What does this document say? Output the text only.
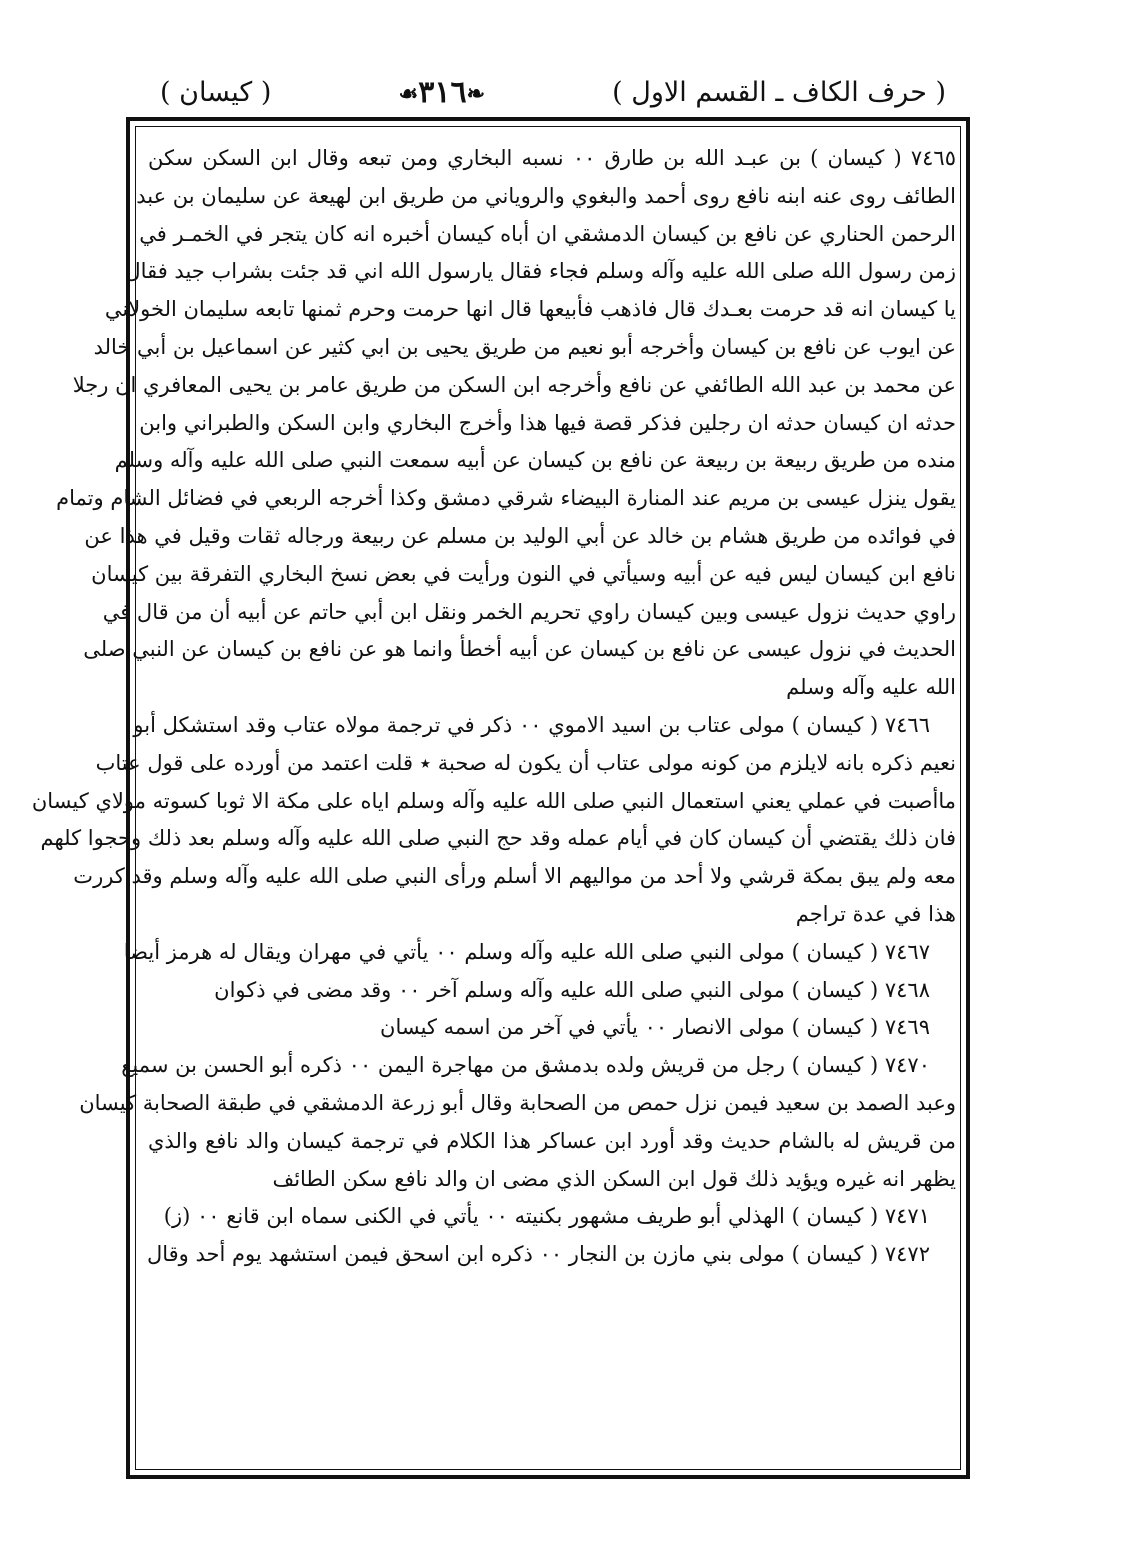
( حرف الكاف ـ القسم الاول )
❧٣١٦☙
( كيسان )
٧٤٦٥ ( كيسان ) بن عبـد الله بن طارق ٠٠ نسبه البخاري ومن تبعه وقال ابن السكن سكن
الطائف روى عنه ابنه نافع روى أحمد والبغوي والروياني من طريق ابن لهيعة عن سليمان بن عبد
الرحمن الحناري عن نافع بن كيسان الدمشقي ان أباه كيسان أخبره انه كان يتجر في الخمـر في
زمن رسول الله صلى الله عليه وآله وسلم فجاء فقال يارسول الله اني قد جئت بشراب جيد فقال
يا كيسان انه قد حرمت بعـدك قال فاذهب فأبيعها قال انها حرمت وحرم ثمنها تابعه سليمان الخولاني
عن ايوب عن نافع بن كيسان وأخرجه أبو نعيم من طريق يحيى بن ابي كثير عن اسماعيل بن أبي خالد
عن محمد بن عبد الله الطائفي عن نافع وأخرجه ابن السكن من طريق عامر بن يحيى المعافري ان رجلا
حدثه ان كيسان حدثه ان رجلين فذكر قصة فيها هذا وأخرج البخاري وابن السكن والطبراني وابن
منده من طريق ربيعة بن ربيعة عن نافع بن كيسان عن أبيه سمعت النبي صلى الله عليه وآله وسلم
يقول ينزل عيسى بن مريم عند المنارة البيضاء شرقي دمشق وكذا أخرجه الربعي في فضائل الشام وتمام
في فوائده من طريق هشام بن خالد عن أبي الوليد بن مسلم عن ربيعة ورجاله ثقات وقيل في هذا عن
نافع ابن كيسان ليس فيه عن أبيه وسيأتي في النون ورأيت في بعض نسخ البخاري التفرقة بين كيسان
راوي حديث نزول عيسى وبين كيسان راوي تحريم الخمر ونقل ابن أبي حاتم عن أبيه أن من قال في
الحديث في نزول عيسى عن نافع بن كيسان عن أبيه أخطأ وانما هو عن نافع بن كيسان عن النبي صلى
الله عليه وآله وسلم
٧٤٦٦ ( كيسان ) مولى عتاب بن اسيد الاموي ٠٠ ذكر في ترجمة مولاه عتاب وقد استشكل أبو
نعيم ذكره بانه لايلزم من كونه مولى عتاب أن يكون له صحبة ٭ قلت اعتمد من أورده على قول عتاب
ماأصبت في عملي يعني استعمال النبي صلى الله عليه وآله وسلم اياه على مكة الا ثوبا كسوته مولاي كيسان
فان ذلك يقتضي أن كيسان كان في أيام عمله وقد حج النبي صلى الله عليه وآله وسلم بعد ذلك وحجوا كلهم
معه ولم يبق بمكة قرشي ولا أحد من مواليهم الا أسلم ورأى النبي صلى الله عليه وآله وسلم وقد كررت
هذا في عدة تراجم
٧٤٦٧ ( كيسان ) مولى النبي صلى الله عليه وآله وسلم ٠٠ يأتي في مهران ويقال له هرمز أيضا
٧٤٦٨ ( كيسان ) مولى النبي صلى الله عليه وآله وسلم آخر ٠٠ وقد مضى في ذكوان
٧٤٦٩ ( كيسان ) مولى الانصار ٠٠ يأتي في آخر من اسمه كيسان
٧٤٧٠ ( كيسان ) رجل من قريش ولده بدمشق من مهاجرة اليمن ٠٠ ذكره أبو الحسن بن سميع
وعبد الصمد بن سعيد فيمن نزل حمص من الصحابة وقال أبو زرعة الدمشقي في طبقة الصحابة كيسان
من قريش له بالشام حديث وقد أورد ابن عساكر هذا الكلام في ترجمة كيسان والد نافع والذي
يظهر انه غيره ويؤيد ذلك قول ابن السكن الذي مضى ان والد نافع سكن الطائف
٧٤٧١ ( كيسان ) الهذلي أبو طريف مشهور بكنيته ٠٠ يأتي في الكنى سماه ابن قانع ٠٠ (ز)
٧٤٧٢ ( كيسان ) مولى بني مازن بن النجار ٠٠ ذكره ابن اسحق فيمن استشهد يوم أحد وقال
